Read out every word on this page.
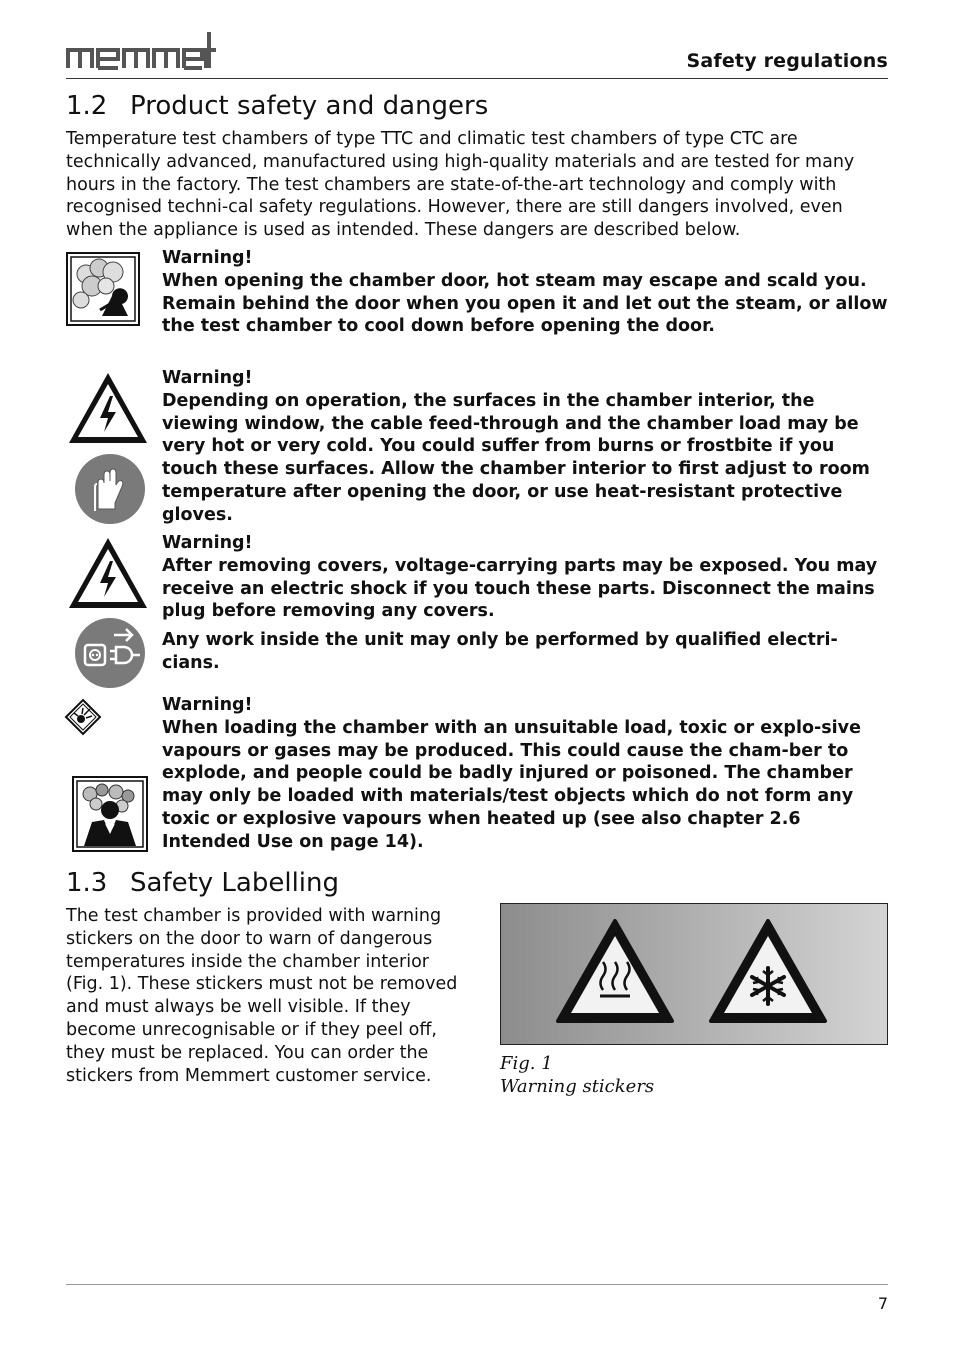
Safety regulations
1.2 Product safety and dangers
Temperature test chambers of type TTC and climatic test chambers of type CTC are technically advanced, manufactured using high-quality materials and are tested for many hours in the factory. The test chambers are state-of-the-art technology and comply with recognised techni-cal safety regulations. However, there are still dangers involved, even when the appliance is used as intended. These dangers are described below.

Warning!

When opening the chamber door, hot steam may escape and scald you. Remain behind the door when you open it and let out the steam, or allow the test chamber to cool down before opening the door.

Warning!

Depending on operation, the surfaces in the chamber interior, the viewing window, the cable feed-through and the chamber load may be very hot or very cold. You could suffer from burns or frostbite if you touch these surfaces. Allow the chamber interior to first adjust to room temperature after opening the door, or use heat-resistant protective gloves.

Warning!

After removing covers, voltage-carrying parts may be exposed. You may receive an electric shock if you touch these parts. Disconnect the mains plug before removing any covers.

Any work inside the unit may only be performed by qualified electri-cians.

Warning!

When loading the chamber with an unsuitable load, toxic or explo-sive vapours or gases may be produced. This could cause the cham-ber to explode, and people could be badly injured or poisoned. The chamber may only be loaded with materials/test objects which do not form any toxic or explosive vapours when heated up (see also chapter 2.6 Intended Use on page 14).

1.3 Safety Labelling
The test chamber is provided with warning stickers on the door to warn of dangerous temperatures inside the chamber interior (Fig. 1). These stickers must not be removed and must always be well visible. If they become unrecognisable or if they peel off, they must be replaced. You can order the stickers from Memmert customer service.
Fig. 1
Warning stickers
7
